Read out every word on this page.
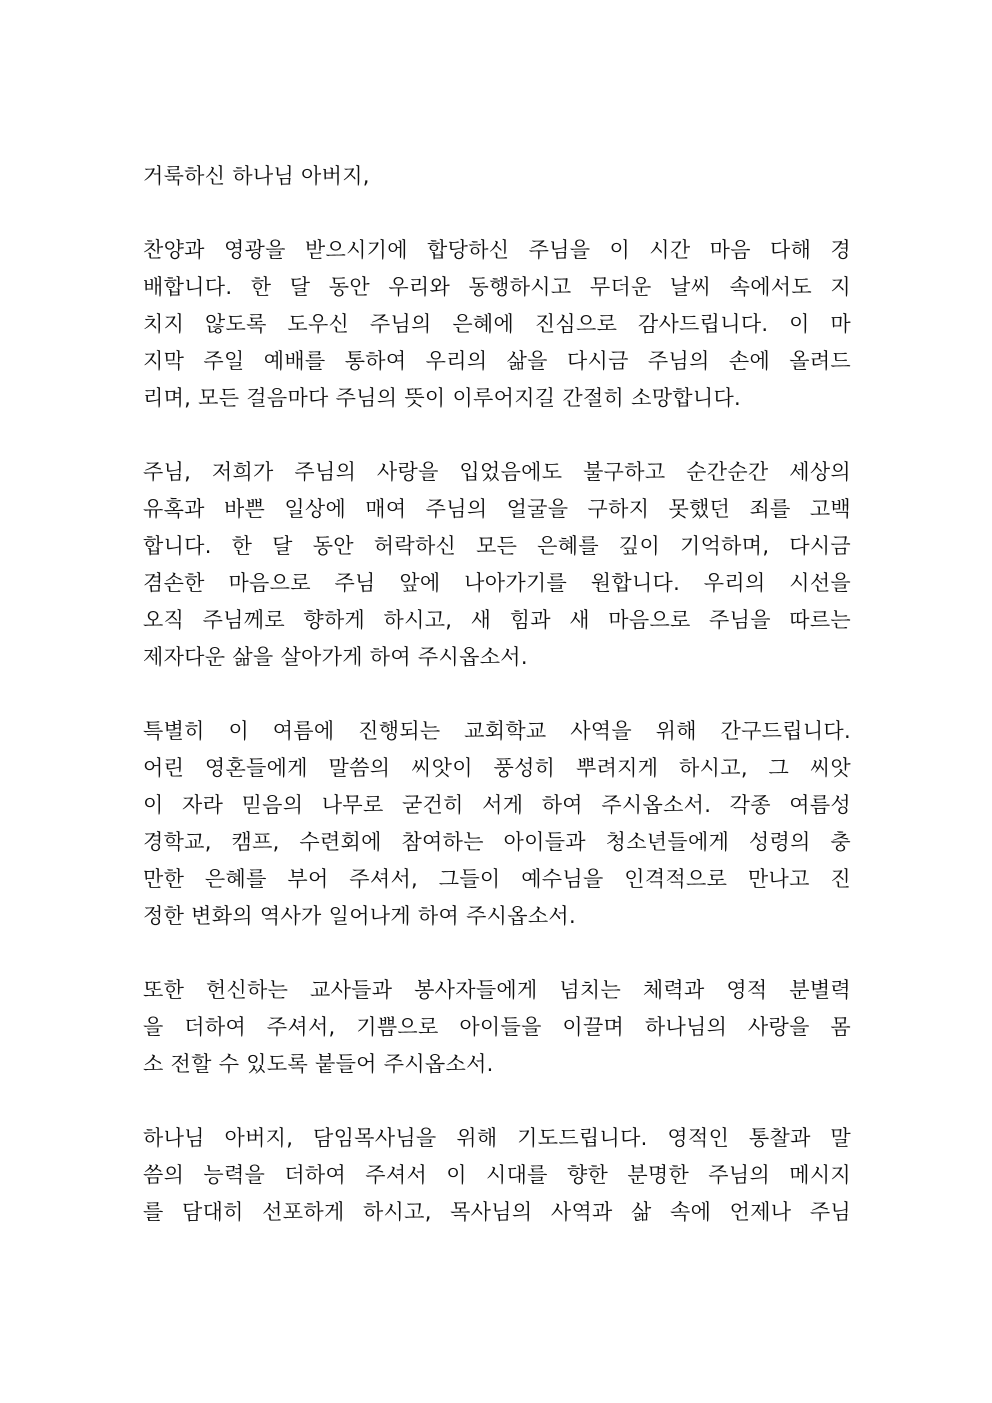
거룩하신 하나님 아버지,
찬양과 영광을 받으시기에 합당하신 주님을 이 시간 마음 다해 경
배합니다. 한 달 동안 우리와 동행하시고 무더운 날씨 속에서도 지
치지 않도록 도우신 주님의 은혜에 진심으로 감사드립니다. 이 마
지막 주일 예배를 통하여 우리의 삶을 다시금 주님의 손에 올려드
리며, 모든 걸음마다 주님의 뜻이 이루어지길 간절히 소망합니다.
주님, 저희가 주님의 사랑을 입었음에도 불구하고 순간순간 세상의
유혹과 바쁜 일상에 매여 주님의 얼굴을 구하지 못했던 죄를 고백
합니다. 한 달 동안 허락하신 모든 은혜를 깊이 기억하며, 다시금
겸손한 마음으로 주님 앞에 나아가기를 원합니다. 우리의 시선을
오직 주님께로 향하게 하시고, 새 힘과 새 마음으로 주님을 따르는
제자다운 삶을 살아가게 하여 주시옵소서.
특별히 이 여름에 진행되는 교회학교 사역을 위해 간구드립니다.
어린 영혼들에게 말씀의 씨앗이 풍성히 뿌려지게 하시고, 그 씨앗
이 자라 믿음의 나무로 굳건히 서게 하여 주시옵소서. 각종 여름성
경학교, 캠프, 수련회에 참여하는 아이들과 청소년들에게 성령의 충
만한 은혜를 부어 주셔서, 그들이 예수님을 인격적으로 만나고 진
정한 변화의 역사가 일어나게 하여 주시옵소서.
또한 헌신하는 교사들과 봉사자들에게 넘치는 체력과 영적 분별력
을 더하여 주셔서, 기쁨으로 아이들을 이끌며 하나님의 사랑을 몸
소 전할 수 있도록 붙들어 주시옵소서.
하나님 아버지, 담임목사님을 위해 기도드립니다. 영적인 통찰과 말
씀의 능력을 더하여 주셔서 이 시대를 향한 분명한 주님의 메시지
를 담대히 선포하게 하시고, 목사님의 사역과 삶 속에 언제나 주님
